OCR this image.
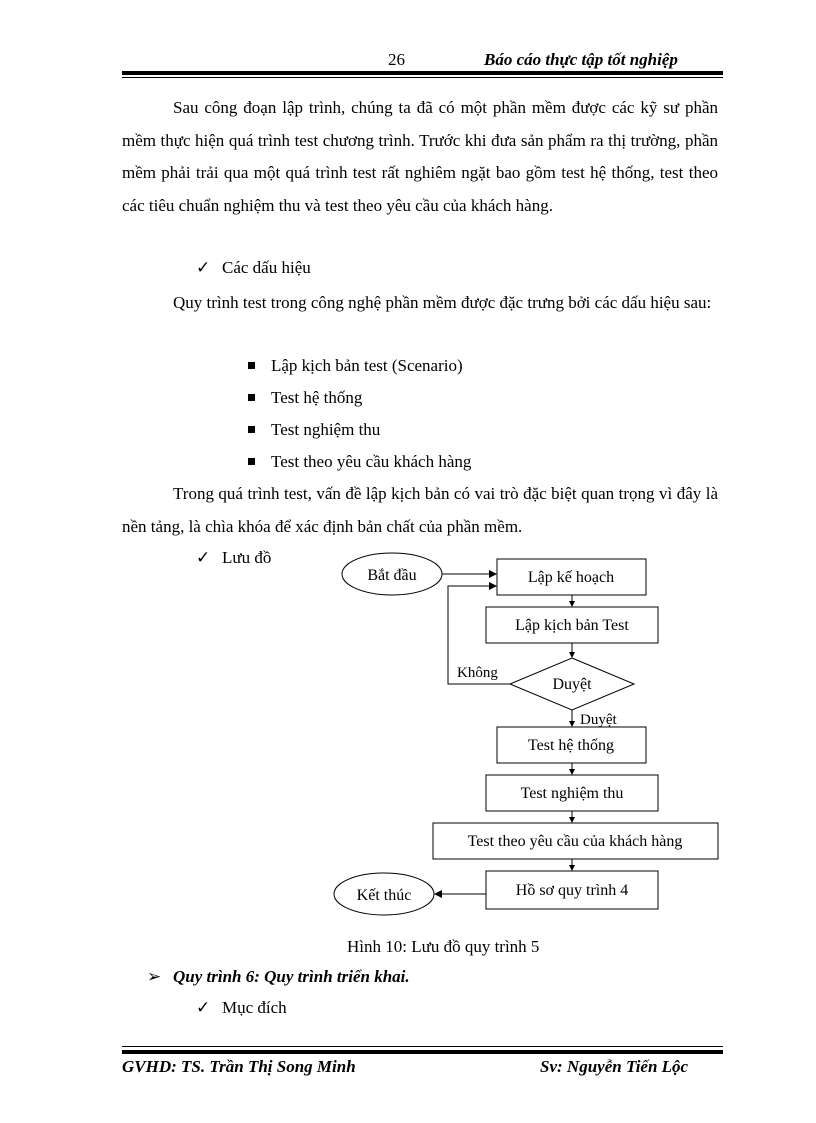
26	Báo cáo thực tập tốt nghiệp
Sau công đoạn lập trình, chúng ta đã có một phần mềm được các kỹ sư phần mềm thực hiện quá trình test chương trình. Trước khi đưa sản phẩm ra thị trường, phần mềm phải trải qua một quá trình test rất nghiêm ngặt bao gồm test hệ thống, test theo các tiêu chuẩn nghiệm thu và test theo yêu cầu của khách hàng.
✓ Các dấu hiệu
Quy trình test trong công nghệ phần mềm được đặc trưng bởi các dấu hiệu sau:
Lập kịch bản test (Scenario)
Test hệ thống
Test nghiệm thu
Test theo yêu cầu khách hàng
Trong quá trình test, vấn đề lập kịch bản có vai trò đặc biệt quan trọng vì đây là nền tảng, là chìa khóa để xác định bản chất của phần mềm.
✓ Lưu đồ
Bắt đầu	Lập kế hoạch
Lập kịch bản Test
Duyệt
Test hệ thống
Test nghiệm thu
Test theo yêu cầu của khách hàng
Hồ sơ quy trình 4
Kết thúc
Không
Duyệt
Hình 10: Lưu đồ quy trình 5
➢ Quy trình 6: Quy trình triển khai.
✓ Mục đích
GVHD: TS. Trần Thị Song Minh	Sv: Nguyễn Tiến Lộc
